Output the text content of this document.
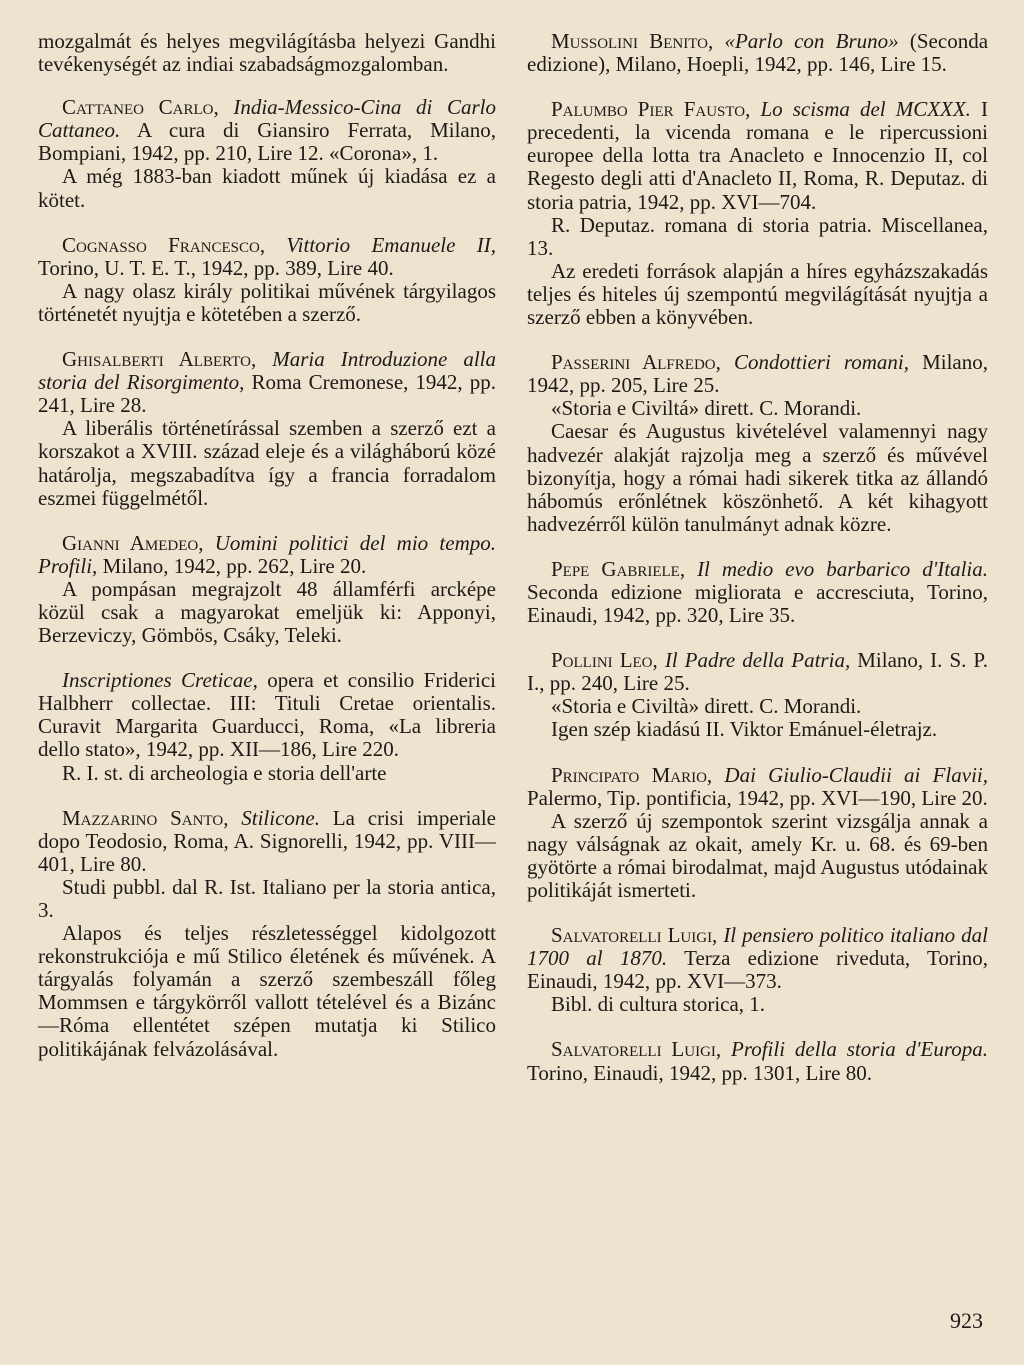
mozgalmát és helyes megvilágításba helyezi Gandhi tevékenységét az indiai szabadságmozgalomban.

Cattaneo Carlo, India-Messico-Cina di Carlo Cattaneo. A cura di Giansiro Ferrata, Milano, Bompiani, 1942, pp. 210, Lire 12. «Corona», 1.

A még 1883-ban kiadott műnek új kiadása ez a kötet.

Cognasso Francesco, Vittorio Emanuele II, Torino, U. T. E. T., 1942, pp. 389, Lire 40.

A nagy olasz király politikai művének tárgyilagos történetét nyujtja e kötetében a szerző.

Ghisalberti Alberto, Maria Introduzione alla storia del Risorgimento, Roma Cremonese, 1942, pp. 241, Lire 28.

A liberális történetírással szemben a szerző ezt a korszakot a XVIII. század eleje és a világháború közé határolja, megszabadítva így a francia forradalom eszmei függelmétől.

Gianni Amedeo, Uomini politici del mio tempo. Profili, Milano, 1942, pp. 262, Lire 20.

A pompásan megrajzolt 48 államférfi arcképe közül csak a magyarokat emeljük ki: Apponyi, Berzeviczy, Gömbös, Csáky, Teleki.

Inscriptiones Creticae, opera et consilio Friderici Halbherr collectae. III: Tituli Cretae orientalis. Curavit Margarita Guarducci, Roma, «La libreria dello stato», 1942, pp. XII—186, Lire 220.

R. I. st. di archeologia e storia dell'arte

Mazzarino Santo, Stilicone. La crisi imperiale dopo Teodosio, Roma, A. Signorelli, 1942, pp. VIII—401, Lire 80.

Studi pubbl. dal R. Ist. Italiano per la storia antica, 3.

Alapos és teljes részletességgel kidolgozott rekonstrukciója e mű Stilico életének és művének. A tárgyalás folyamán a szerző szembeszáll főleg Mommsen e tárgykörről vallott tételével és a Bizánc—Róma ellentétet szépen mutatja ki Stilico politikájának felvázolásával.

Mussolini Benito, «Parlo con Bruno» (Seconda edizione), Milano, Hoepli, 1942, pp. 146, Lire 15.

Palumbo Pier Fausto, Lo scisma del MCXXX. I precedenti, la vicenda romana e le ripercussioni europee della lotta tra Anacleto e Innocenzio II, col Regesto degli atti d'Anacleto II, Roma, R. Deputaz. di storia patria, 1942, pp. XVI—704.

R. Deputaz. romana di storia patria. Miscellanea, 13.

Az eredeti források alapján a híres egyházszakadás teljes és hiteles új szempontú megvilágítását nyujtja a szerző ebben a könyvében.

Passerini Alfredo, Condottieri romani, Milano, 1942, pp. 205, Lire 25.

«Storia e Civiltá» dirett. C. Morandi.

Caesar és Augustus kivételével valamennyi nagy hadvezér alakját rajzolja meg a szerző és művével bizonyítja, hogy a római hadi sikerek titka az állandó hábomús erőnlétnek köszönhető. A két kihagyott hadvezérről külön tanulmányt adnak közre.

Pepe Gabriele, Il medio evo barbarico d'Italia. Seconda edizione migliorata e accresciuta, Torino, Einaudi, 1942, pp. 320, Lire 35.

Pollini Leo, Il Padre della Patria, Milano, I. S. P. I., pp. 240, Lire 25.

«Storia e Civiltà» dirett. C. Morandi.

Igen szép kiadású II. Viktor Emánuel-életrajz.

Principato Mario, Dai Giulio-Claudii ai Flavii, Palermo, Tip. pontificia, 1942, pp. XVI—190, Lire 20.

A szerző új szempontok szerint vizsgálja annak a nagy válságnak az okait, amely Kr. u. 68. és 69-ben gyötörte a római birodalmat, majd Augustus utódainak politikáját ismerteti.

Salvatorelli Luigi, Il pensiero politico italiano dal 1700 al 1870. Terza edizione riveduta, Torino, Einaudi, 1942, pp. XVI—373.

Bibl. di cultura storica, 1.

Salvatorelli Luigi, Profili della storia d'Europa. Torino, Einaudi, 1942, pp. 1301, Lire 80.

923
